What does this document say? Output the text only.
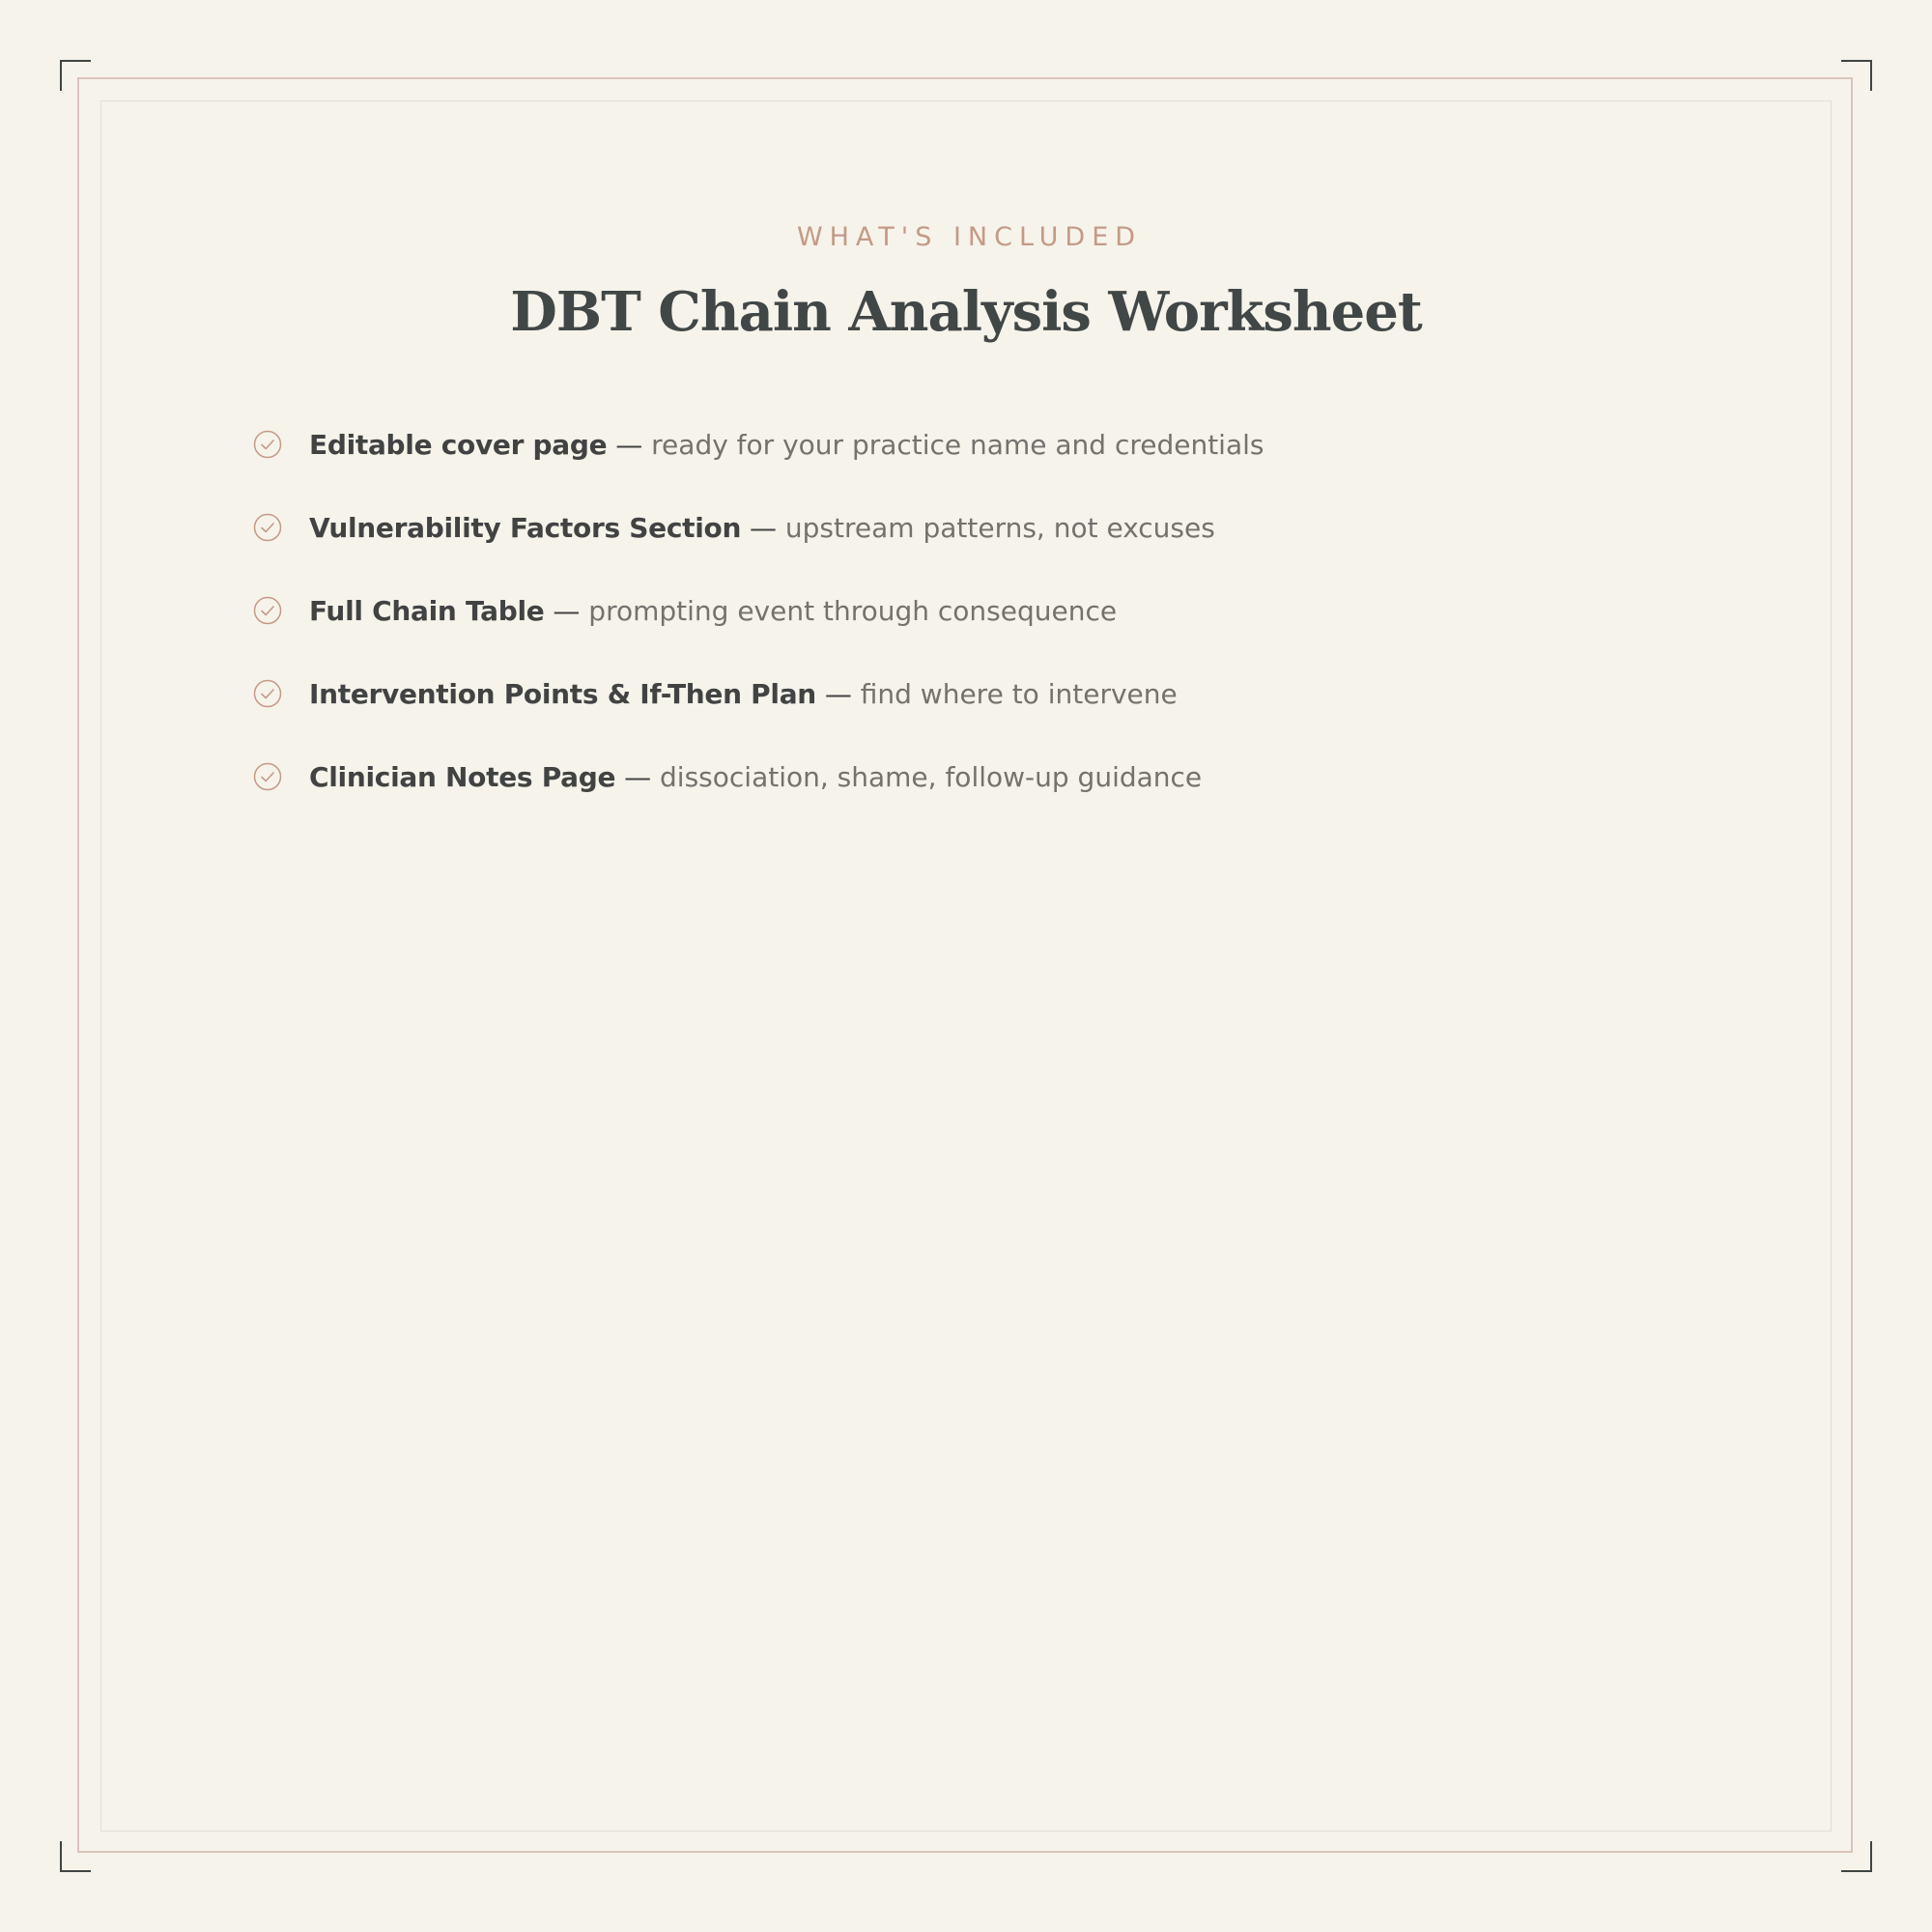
WHAT'S INCLUDED
DBT Chain Analysis Worksheet
Editable cover page — ready for your practice name and credentials
Vulnerability Factors Section — upstream patterns, not excuses
Full Chain Table — prompting event through consequence
Intervention Points & If-Then Plan — find where to intervene
Clinician Notes Page — dissociation, shame, follow-up guidance
